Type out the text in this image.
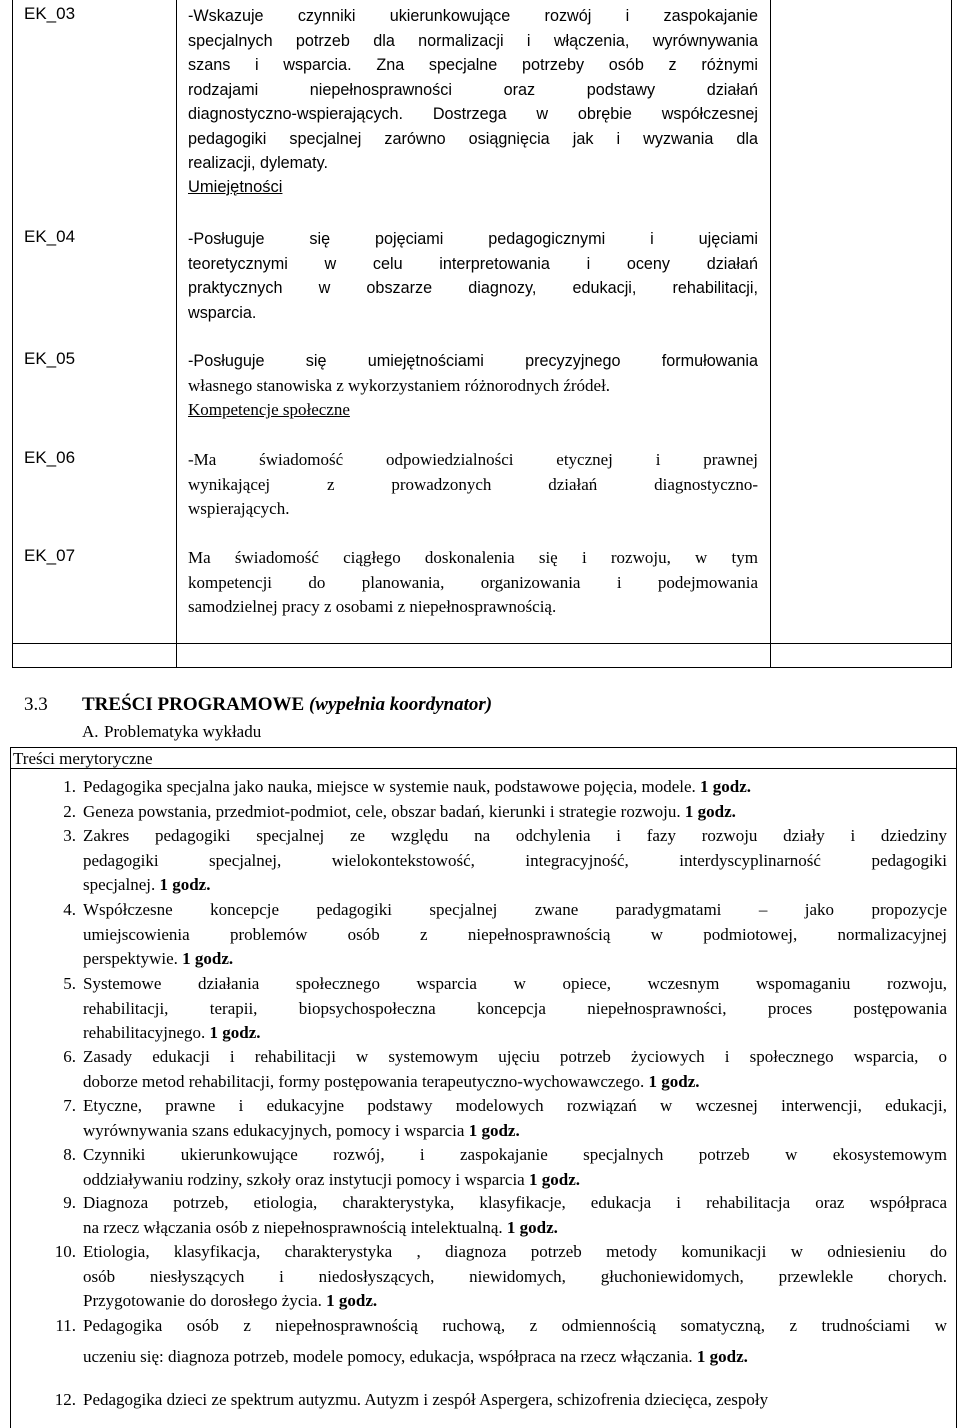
EK_03
EK_04
EK_05
EK_06
EK_07
-Wskazuje czynniki ukierunkowujące rozwój i zaspokajanie
specjalnych potrzeb dla normalizacji i włączenia, wyrównywania
szans i wsparcia. Zna specjalne potrzeby osób z różnymi
rodzajami niepełnosprawności oraz podstawy działań
diagnostyczno-wspierających. Dostrzega w obrębie współczesnej
pedagogiki specjalnej zarówno osiągnięcia jak i wyzwania dla
realizacji, dylematy.
Umiejętności
-Posługuje się pojęciami pedagogicznymi i ujęciami
teoretycznymi w celu interpretowania i oceny działań
praktycznych w obszarze diagnozy, edukacji, rehabilitacji,
wsparcia.
-Posługuje się umiejętnościami precyzyjnego formułowania
własnego stanowiska z wykorzystaniem różnorodnych źródeł.
Kompetencje społeczne
-Ma świadomość odpowiedzialności etycznej i prawnej
wynikającej z prowadzonych działań diagnostyczno-
wspierających.
Ma świadomość ciągłego doskonalenia się i rozwoju, w tym
kompetencji do planowania, organizowania i podejmowania
samodzielnej pracy z osobami z niepełnosprawnością.
3.3 TREŚCI PROGRAMOWE (wypełnia koordynator)
A. Problematyka wykładu
Treści merytoryczne
1. Pedagogika specjalna jako nauka, miejsce w systemie nauk, podstawowe pojęcia, modele. 1 godz.
2. Geneza powstania, przedmiot-podmiot, cele, obszar badań, kierunki i strategie rozwoju. 1 godz.
3. Zakres pedagogiki specjalnej ze względu na odchylenia i fazy rozwoju działy i dziedziny
pedagogiki specjalnej, wielokontekstowość, integracyjność, interdyscyplinarność pedagogiki
specjalnej. 1 godz.
4. Współczesne koncepcje pedagogiki specjalnej zwane paradygmatami – jako propozycje
umiejscowienia problemów osób z niepełnosprawnością w podmiotowej, normalizacyjnej
perspektywie. 1 godz.
5. Systemowe działania społecznego wsparcia w opiece, wczesnym wspomaganiu rozwoju,
rehabilitacji, terapii, biopsychospołeczna koncepcja niepełnosprawności, proces postępowania
rehabilitacyjnego. 1 godz.
6. Zasady edukacji i rehabilitacji w systemowym ujęciu potrzeb życiowych i społecznego wsparcia, o
doborze metod rehabilitacji, formy postępowania terapeutyczno-wychowawczego. 1 godz.
7. Etyczne, prawne i edukacyjne podstawy modelowych rozwiązań w wczesnej interwencji, edukacji,
wyrównywania szans edukacyjnych, pomocy i wsparcia 1 godz.
8. Czynniki ukierunkowujące rozwój, i zaspokajanie specjalnych potrzeb w ekosystemowym
oddziaływaniu rodziny, szkoły oraz instytucji pomocy i wsparcia 1 godz.
9. Diagnoza potrzeb, etiologia, charakterystyka, klasyfikacje, edukacja i rehabilitacja oraz współpraca
na rzecz włączania osób z niepełnosprawnością intelektualną. 1 godz.
10. Etiologia, klasyfikacja, charakterystyka , diagnoza potrzeb metody komunikacji w odniesieniu do
osób niesłyszących i niedosłyszących, niewidomych, głuchoniewidomych, przewlekle chorych.
Przygotowanie do dorosłego życia. 1 godz.
11. Pedagogika osób z niepełnosprawnością ruchową, z odmiennością somatyczną, z trudnościami w
uczeniu się: diagnoza potrzeb, modele pomocy, edukacja, współpraca na rzecz włączania. 1 godz.
12. Pedagogika dzieci ze spektrum autyzmu. Autyzm i zespół Aspergera, schizofrenia dziecięca, zespoły
